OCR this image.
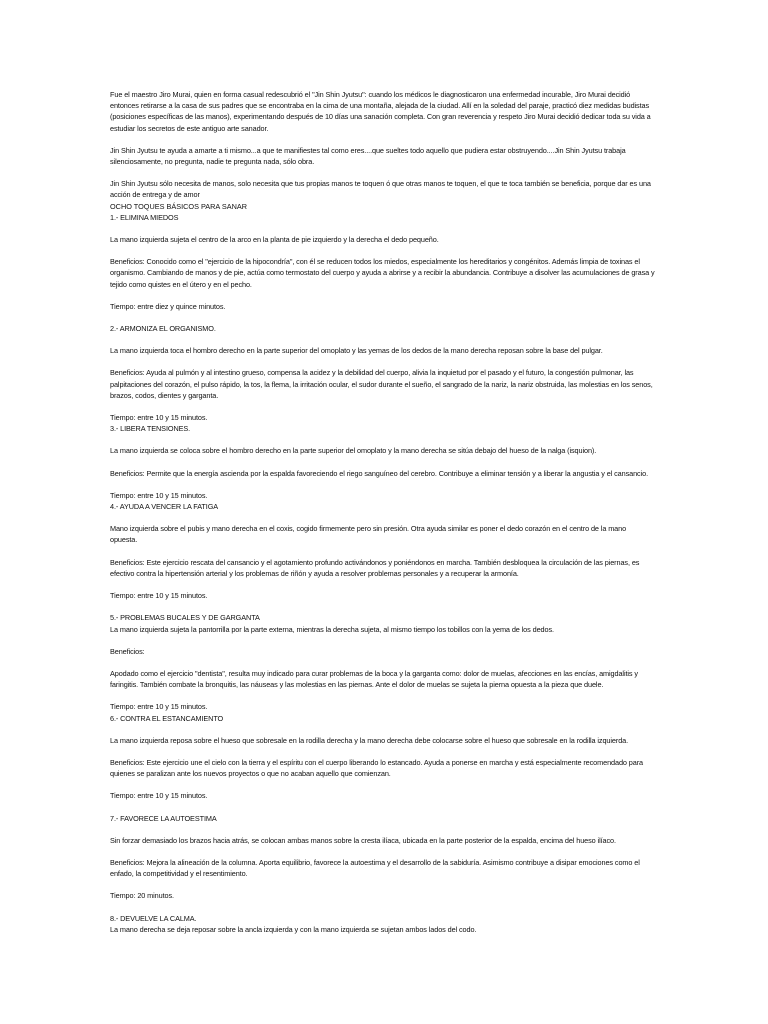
Fue el maestro Jiro Murai, quien en forma casual redescubrió el "Jin Shin Jyutsu": cuando los médicos le diagnosticaron una enfermedad incurable, Jiro Murai decidió entonces retirarse a la casa de sus padres que se encontraba en la cima de una montaña, alejada de la ciudad. Allí en la soledad del paraje, practicó diez medidas budistas (posiciones específicas de las manos), experimentando después de 10 días una sanación completa. Con gran reverencia y respeto Jiro Murai decidió dedicar toda su vida a estudiar los secretos de este antiguo arte sanador.

Jin Shin Jyutsu te ayuda a amarte a ti mismo...a que te manifiestes tal como eres....que sueltes todo aquello que pudiera estar obstruyendo....Jin Shin Jyutsu trabaja silenciosamente, no pregunta, nadie te pregunta nada, sólo obra.

Jin Shin Jyutsu sólo necesita de manos, solo necesita que tus propias manos te toquen ó que otras manos te toquen, el que te toca también se beneficia, porque dar es una acción de entrega y de amor

OCHO TOQUES BÁSICOS PARA SANAR

1.- ELIMINA MIEDOS

La mano izquierda sujeta el centro de la arco en la planta de pie izquierdo y la derecha el dedo pequeño.

Beneficios: Conocido como el "ejercicio de la hipocondría", con él se reducen todos los miedos, especialmente los hereditarios y congénitos. Además limpia de toxinas el organismo. Cambiando de manos y de pie, actúa como termostato del cuerpo y ayuda a abrirse y a recibir la abundancia. Contribuye a disolver las acumulaciones de grasa y tejido como quistes en el útero y en el pecho.

Tiempo: entre diez y quince minutos.

2.- ARMONIZA EL ORGANISMO.

La mano izquierda toca el hombro derecho en la parte superior del omoplato y las yemas de los dedos de la mano derecha reposan sobre la base del pulgar.

Beneficios: Ayuda al pulmón y al intestino grueso, compensa la acidez y la debilidad del cuerpo, alivia la inquietud por el pasado y el futuro, la congestión pulmonar, las palpitaciones del corazón, el pulso rápido, la tos, la flema, la irritación ocular, el sudor durante el sueño, el sangrado de la nariz, la nariz obstruida, las molestias en los senos, brazos, codos, dientes y garganta.

Tiempo: entre 10 y 15 minutos.

3.- LIBERA TENSIONES.

La mano izquierda se coloca sobre el hombro derecho en la parte superior del omoplato y la mano derecha se sitúa debajo del hueso de la nalga (isquion).

Beneficios: Permite que la energía ascienda por la espalda favoreciendo el riego sanguíneo del cerebro. Contribuye a eliminar tensión y a liberar la angustia y el cansancio.

Tiempo: entre 10 y 15 minutos.

4.- AYUDA A VENCER LA FATIGA

Mano izquierda sobre el pubis y mano derecha en el coxis, cogido firmemente pero sin presión. Otra ayuda similar es poner el dedo corazón en el centro de la mano opuesta.

Beneficios: Este ejercicio rescata del cansancio y el agotamiento profundo activándonos y poniéndonos en marcha. También desbloquea la circulación de las piernas, es efectivo contra la hipertensión arterial y los problemas de riñón y ayuda a resolver problemas personales y a recuperar la armonía.

Tiempo: entre 10 y 15 minutos.

5.- PROBLEMAS BUCALES Y DE GARGANTA

La mano izquierda sujeta la pantorrilla por la parte externa, mientras la derecha sujeta, al mismo tiempo los tobillos con la yema de los dedos.

Beneficios:

Apodado como el ejercicio "dentista", resulta muy indicado para curar problemas de la boca y la garganta como: dolor de muelas, afecciones en las encías, amigdalitis y faringitis. También combate la bronquitis, las náuseas y las molestias en las piernas. Ante el dolor de muelas se sujeta la pierna opuesta a la pieza que duele.

Tiempo: entre 10 y 15 minutos.

6.- CONTRA EL ESTANCAMIENTO

La mano izquierda reposa sobre el hueso que sobresale en la rodilla derecha y la mano derecha debe colocarse sobre el hueso que sobresale en la rodilla izquierda.

Beneficios: Este ejercicio une el cielo con la tierra y el espíritu con el cuerpo liberando lo estancado. Ayuda a ponerse en marcha y está especialmente recomendado para quienes se paralizan ante los nuevos proyectos o que no acaban aquello que comienzan.

Tiempo: entre 10 y 15 minutos.

7.- FAVORECE LA AUTOESTIMA

Sin forzar demasiado los brazos hacia atrás, se colocan ambas manos sobre la cresta ilíaca, ubicada en la parte posterior de la espalda, encima del hueso ilíaco.

Beneficios: Mejora la alineación de la columna. Aporta equilibrio, favorece la autoestima y el desarrollo de la sabiduría. Asimismo contribuye a disipar emociones como el enfado, la competitividad y el resentimiento.

Tiempo: 20 minutos.

8.- DEVUELVE LA CALMA.

La mano derecha se deja reposar sobre la ancla izquierda y con la mano izquierda se sujetan ambos lados del codo.
